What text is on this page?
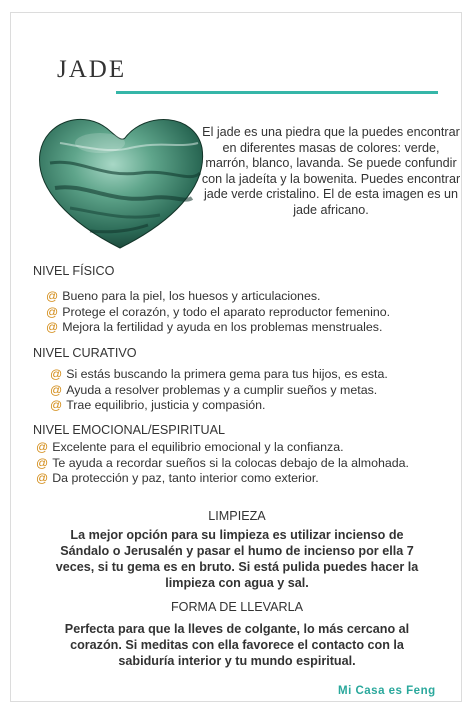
JADE
El jade es una piedra que la puedes encontrar en diferentes masas de colores: verde, marrón, blanco, lavanda. Se puede confundir con la jadeíta y la bowenita. Puedes encontrar jade verde cristalino. El de esta imagen es un jade africano.
NIVEL FÍSICO
@ Bueno para la piel, los huesos y articulaciones.
@ Protege el corazón, y todo el aparato reproductor femenino.
@ Mejora la fertilidad y ayuda en los problemas menstruales.
NIVEL CURATIVO
@ Si estás buscando la primera gema para tus hijos, es esta.
@ Ayuda a resolver problemas y a cumplir sueños y metas.
@ Trae equilibrio, justicia y compasión.
NIVEL EMOCIONAL/ESPIRITUAL
@ Excelente para el equilibrio emocional y la confianza.
@ Te ayuda a recordar sueños si la colocas debajo de la almohada.
@ Da protección y paz, tanto interior como exterior.
LIMPIEZA
La mejor opción para su limpieza es utilizar incienso de Sándalo o Jerusalén y pasar el humo de incienso por ella 7 veces, si tu gema es en bruto. Si está pulida puedes hacer la limpieza con agua y sal.
FORMA DE LLEVARLA
Perfecta para que la lleves de colgante, lo más cercano al corazón. Si meditas con ella favorece el contacto con la sabiduría interior y tu mundo espiritual.
Mi Casa es Feng
